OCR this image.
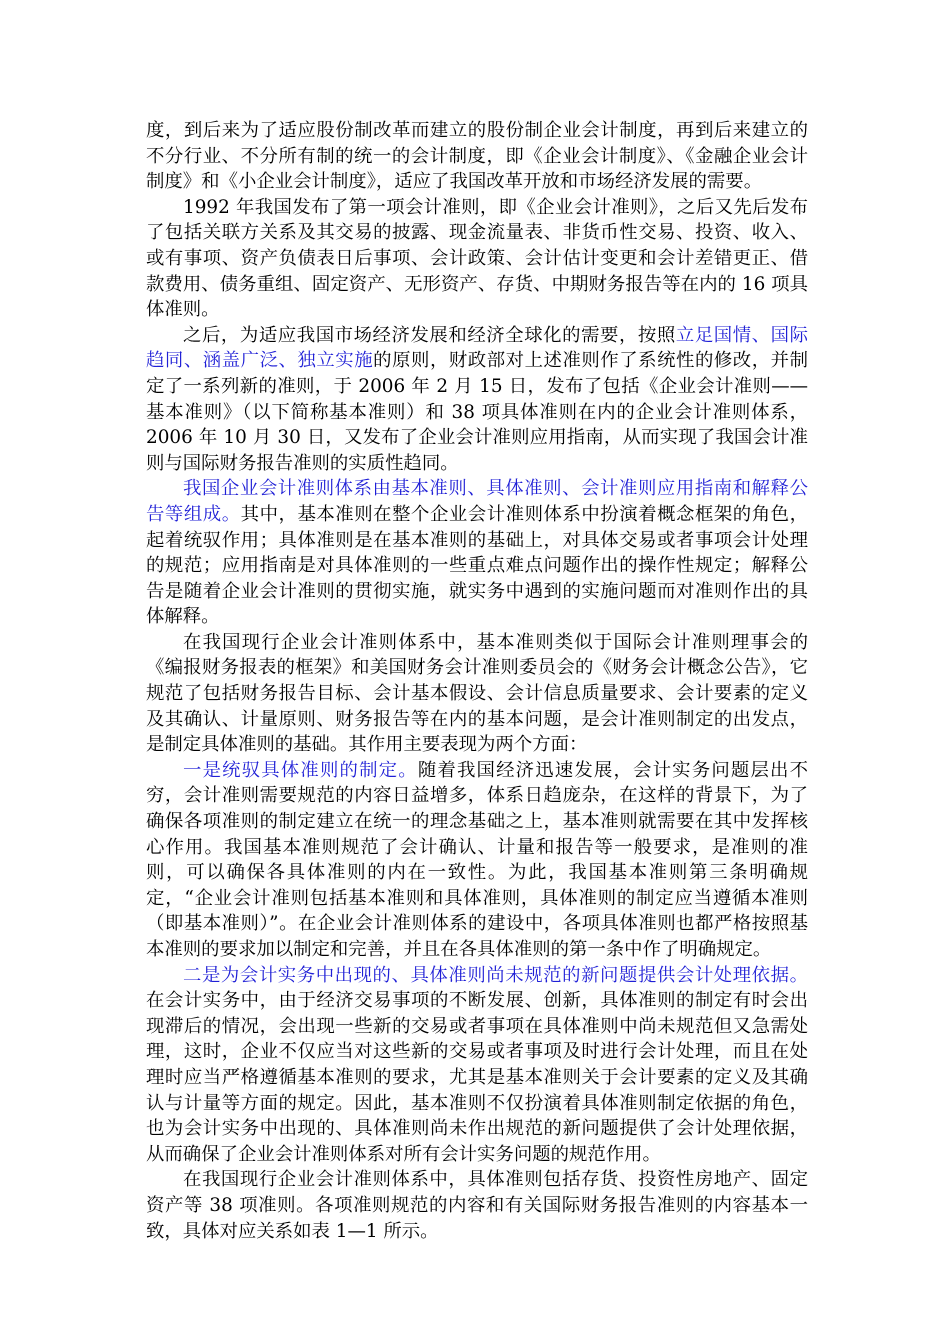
度，到后来为了适应股份制改革而建立的股份制企业会计制度，再到后来建立的不分行业、不分所有制的统一的会计制度，即《企业会计制度》、《金融企业会计制度》和《小企业会计制度》，适应了我国改革开放和市场经济发展的需要。

1992 年我国发布了第一项会计准则，即《企业会计准则》，之后又先后发布了包括关联方关系及其交易的披露、现金流量表、非货币性交易、投资、收入、或有事项、资产负债表日后事项、会计政策、会计估计变更和会计差错更正、借款费用、债务重组、固定资产、无形资产、存货、中期财务报告等在内的 16 项具体准则。

之后，为适应我国市场经济发展和经济全球化的需要，按照立足国情、国际趋同、涵盖广泛、独立实施的原则，财政部对上述准则作了系统性的修改，并制定了一系列新的准则，于 2006 年 2 月 15 日，发布了包括《企业会计准则——基本准则》（以下简称基本准则）和 38 项具体准则在内的企业会计准则体系，2006 年 10 月 30 日，又发布了企业会计准则应用指南，从而实现了我国会计准则与国际财务报告准则的实质性趋同。

我国企业会计准则体系由基本准则、具体准则、会计准则应用指南和解释公告等组成。其中，基本准则在整个企业会计准则体系中扮演着概念框架的角色，起着统驭作用；具体准则是在基本准则的基础上，对具体交易或者事项会计处理的规范；应用指南是对具体准则的一些重点难点问题作出的操作性规定；解释公告是随着企业会计准则的贯彻实施，就实务中遇到的实施问题而对准则作出的具体解释。

在我国现行企业会计准则体系中，基本准则类似于国际会计准则理事会的《编报财务报表的框架》和美国财务会计准则委员会的《财务会计概念公告》，它规范了包括财务报告目标、会计基本假设、会计信息质量要求、会计要素的定义及其确认、计量原则、财务报告等在内的基本问题，是会计准则制定的出发点，是制定具体准则的基础。其作用主要表现为两个方面：

一是统驭具体准则的制定。随着我国经济迅速发展，会计实务问题层出不穷，会计准则需要规范的内容日益增多，体系日趋庞杂，在这样的背景下，为了确保各项准则的制定建立在统一的理念基础之上，基本准则就需要在其中发挥核心作用。我国基本准则规范了会计确认、计量和报告等一般要求，是准则的准则，可以确保各具体准则的内在一致性。为此，我国基本准则第三条明确规定，“企业会计准则包括基本准则和具体准则，具体准则的制定应当遵循本准则（即基本准则）”。在企业会计准则体系的建设中，各项具体准则也都严格按照基本准则的要求加以制定和完善，并且在各具体准则的第一条中作了明确规定。

二是为会计实务中出现的、具体准则尚未规范的新问题提供会计处理依据。在会计实务中，由于经济交易事项的不断发展、创新，具体准则的制定有时会出现滞后的情况，会出现一些新的交易或者事项在具体准则中尚未规范但又急需处理，这时，企业不仅应当对这些新的交易或者事项及时进行会计处理，而且在处理时应当严格遵循基本准则的要求，尤其是基本准则关于会计要素的定义及其确认与计量等方面的规定。因此，基本准则不仅扮演着具体准则制定依据的角色，也为会计实务中出现的、具体准则尚未作出规范的新问题提供了会计处理依据，从而确保了企业会计准则体系对所有会计实务问题的规范作用。

在我国现行企业会计准则体系中，具体准则包括存货、投资性房地产、固定资产等 38 项准则。各项准则规范的内容和有关国际财务报告准则的内容基本一致，具体对应关系如表 1—1 所示。
